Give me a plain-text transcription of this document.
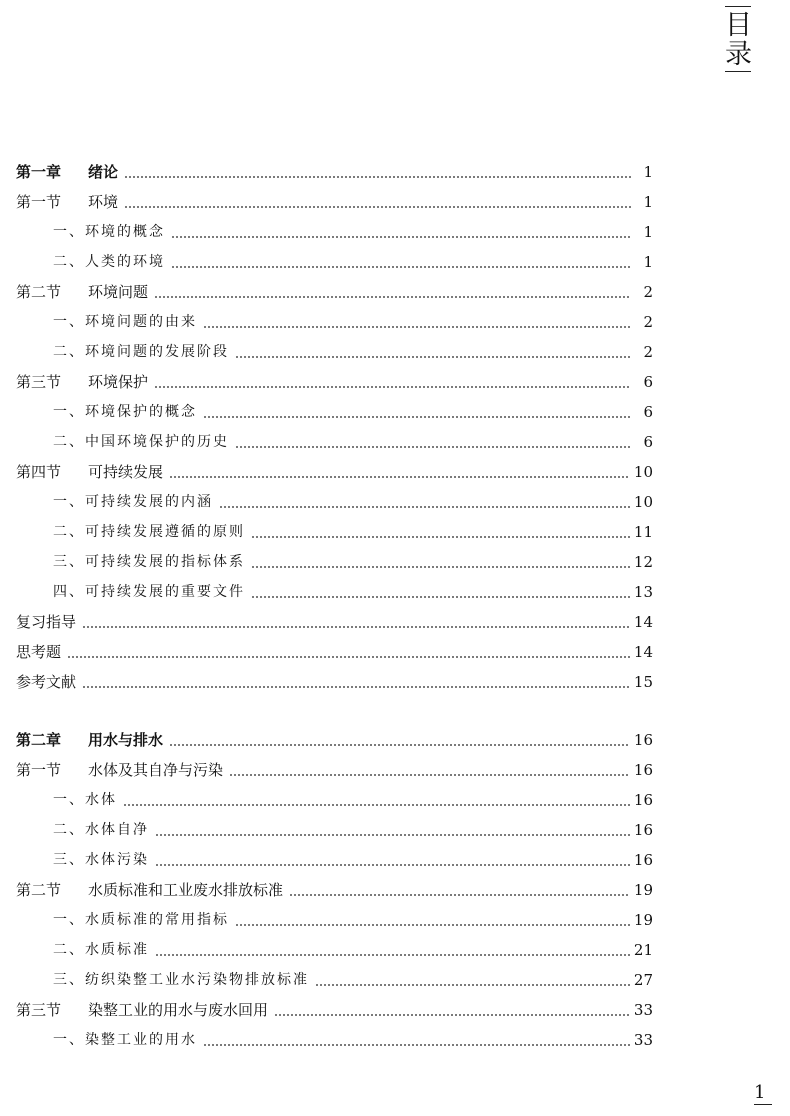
目
录
第一章	绪论	1
第一节	环境	1
一、环境的概念	1
二、人类的环境	1
第二节	环境问题	2
一、环境问题的由来	2
二、环境问题的发展阶段	2
第三节	环境保护	6
一、环境保护的概念	6
二、中国环境保护的历史	6
第四节	可持续发展	10
一、可持续发展的内涵	10
二、可持续发展遵循的原则	11
三、可持续发展的指标体系	12
四、可持续发展的重要文件	13
复习指导	14
思考题	14
参考文献	15
第二章	用水与排水	16
第一节	水体及其自净与污染	16
一、水体	16
二、水体自净	16
三、水体污染	16
第二节	水质标准和工业废水排放标准	19
一、水质标准的常用指标	19
二、水质标准	21
三、纺织染整工业水污染物排放标准	27
第三节	染整工业的用水与废水回用	33
一、染整工业的用水	33
1
